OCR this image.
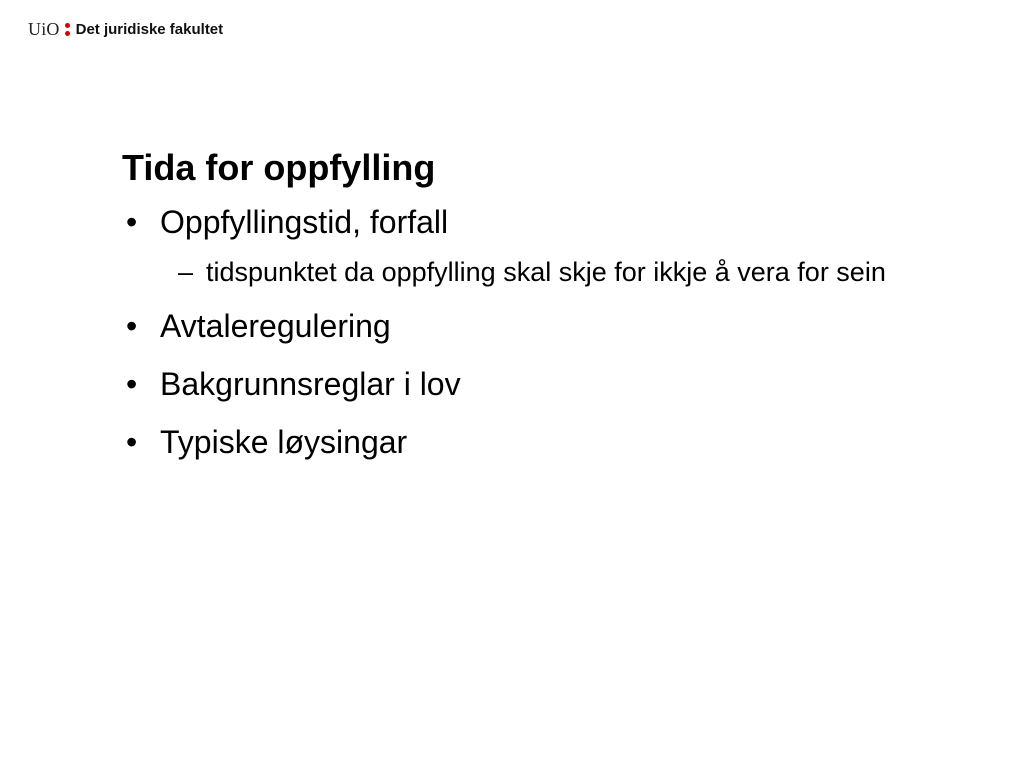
UiO Det juridiske fakultet
Tida for oppfylling
• Oppfyllingstid, forfall
– tidspunktet da oppfylling skal skje for ikkje å vera for sein
• Avtaleregulering
• Bakgrunnsreglar i lov
• Typiske løysingar
